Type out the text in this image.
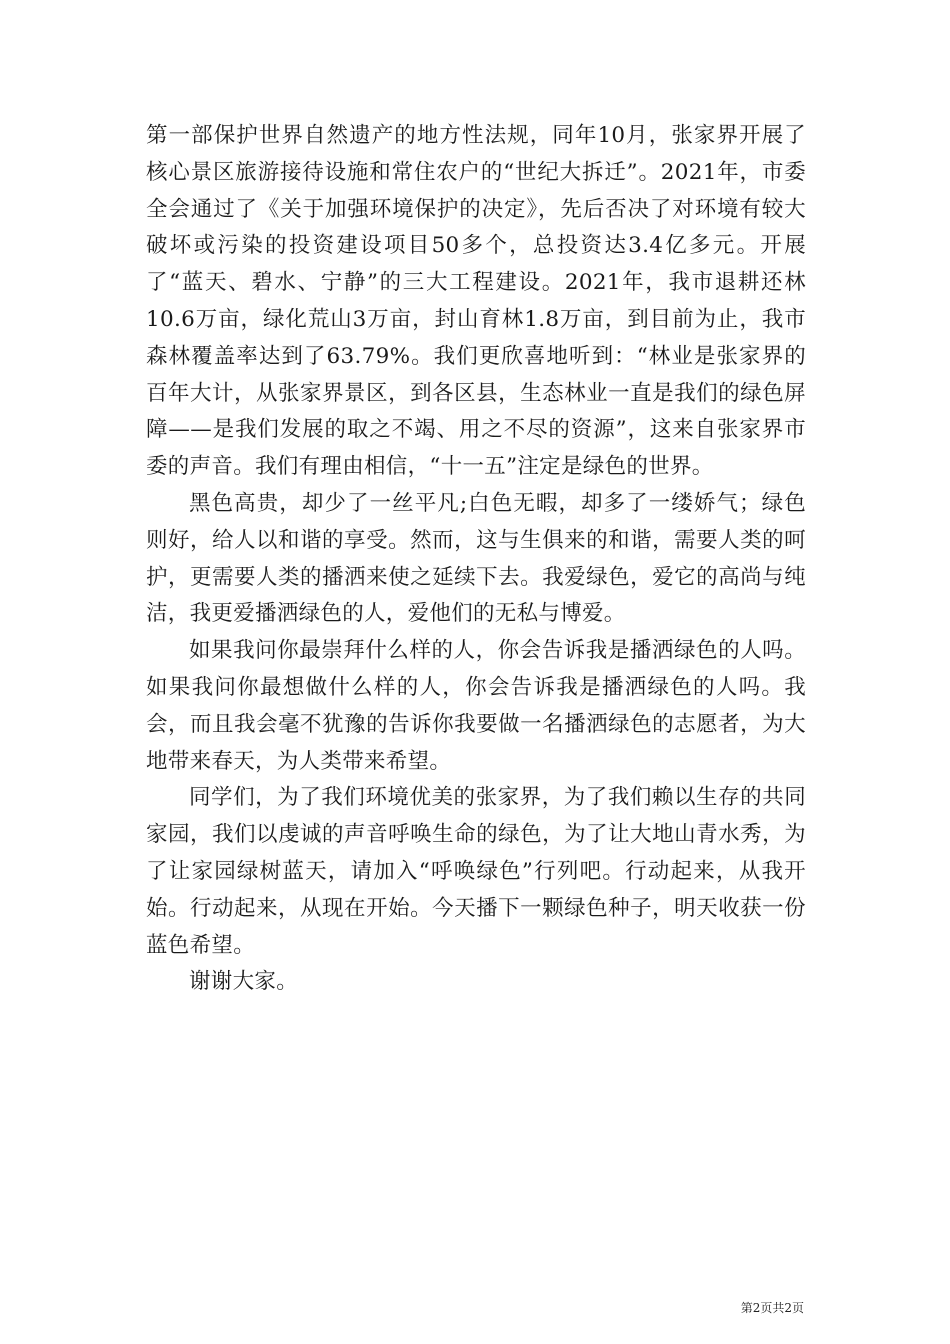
第一部保护世界自然遗产的地方性法规，同年10月，张家界开展了核心景区旅游接待设施和常住农户的“世纪大拆迁”。2021年，市委全会通过了《关于加强环境保护的决定》，先后否决了对环境有较大破坏或污染的投资建设项目50多个，总投资达3.4亿多元。开展了“蓝天、碧水、宁静”的三大工程建设。2021年，我市退耕还林10.6万亩，绿化荒山3万亩，封山育林1.8万亩，到目前为止，我市森林覆盖率达到了63.79%。我们更欣喜地听到：“林业是张家界的百年大计，从张家界景区，到各区县，生态林业一直是我们的绿色屏障——是我们发展的取之不竭、用之不尽的资源”，这来自张家界市委的声音。我们有理由相信，“十一五”注定是绿色的世界。

黑色高贵，却少了一丝平凡;白色无暇，却多了一缕娇气；绿色则好，给人以和谐的享受。然而，这与生俱来的和谐，需要人类的呵护，更需要人类的播洒来使之延续下去。我爱绿色，爱它的高尚与纯洁，我更爱播洒绿色的人，爱他们的无私与博爱。

如果我问你最崇拜什么样的人，你会告诉我是播洒绿色的人吗。如果我问你最想做什么样的人，你会告诉我是播洒绿色的人吗。我会，而且我会毫不犹豫的告诉你我要做一名播洒绿色的志愿者，为大地带来春天，为人类带来希望。

同学们，为了我们环境优美的张家界，为了我们赖以生存的共同家园，我们以虔诚的声音呼唤生命的绿色，为了让大地山青水秀，为了让家园绿树蓝天，请加入“呼唤绿色”行列吧。行动起来，从我开始。行动起来，从现在开始。今天播下一颗绿色种子，明天收获一份蓝色希望。

谢谢大家。

第2页共2页
